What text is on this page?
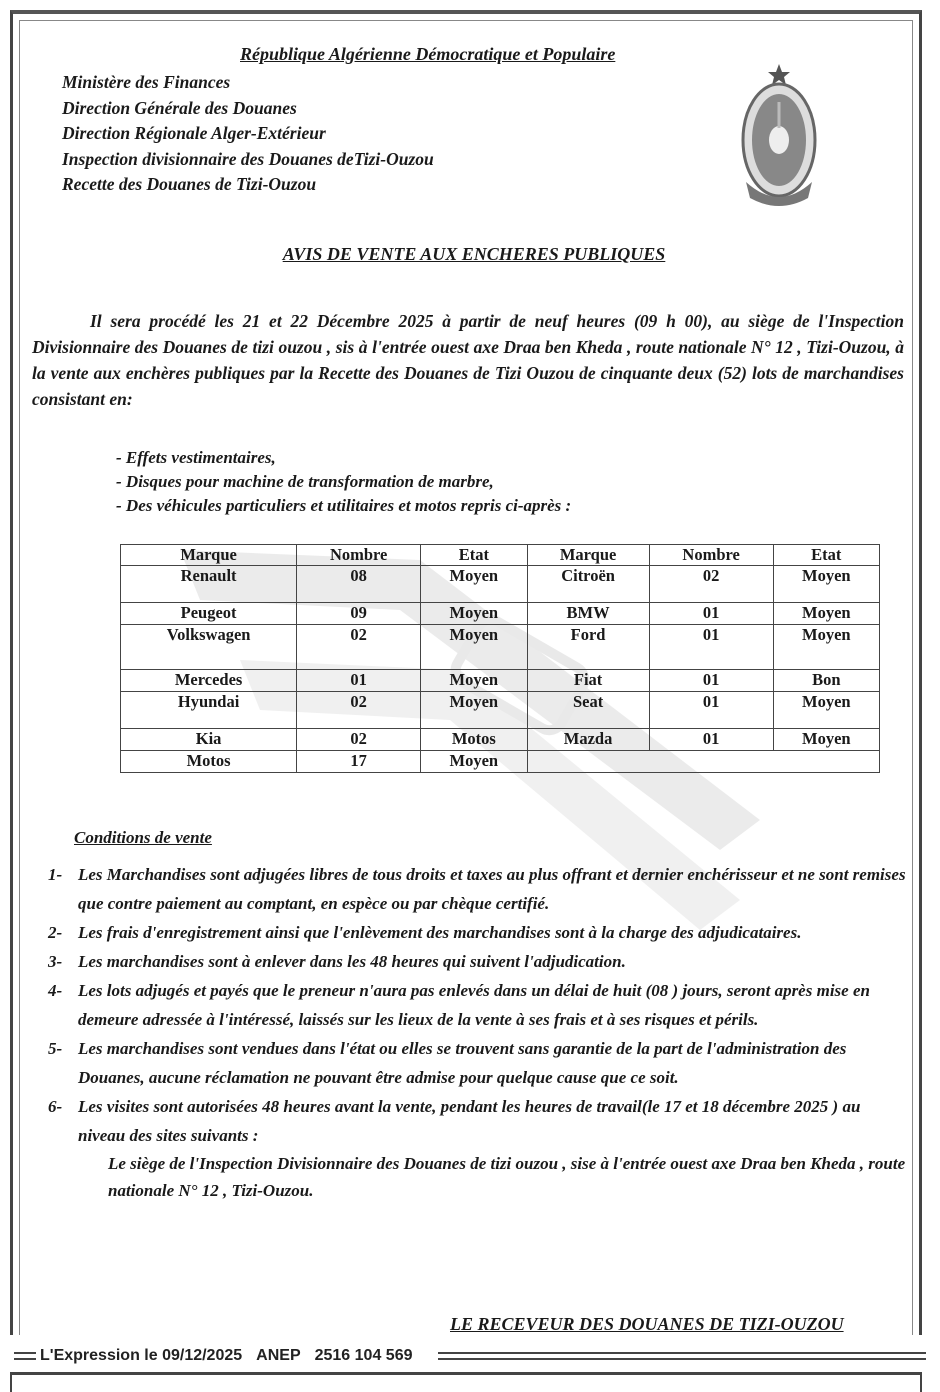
République Algérienne Démocratique et Populaire
Ministère des Finances
Direction Générale des Douanes
Direction Régionale Alger-Extérieur
Inspection divisionnaire des Douanes deTizi-Ouzou
Recette des Douanes de Tizi-Ouzou
AVIS DE VENTE AUX ENCHERES PUBLIQUES
Il sera procédé les 21 et 22 Décembre 2025 à partir de neuf heures (09 h 00), au siège de l'Inspection Divisionnaire des Douanes de tizi ouzou , sis à l'entrée ouest axe Draa ben Kheda , route nationale N° 12 , Tizi-Ouzou, à la vente aux enchères publiques par la Recette des Douanes de Tizi Ouzou de cinquante deux (52) lots de marchandises consistant en:
- Effets vestimentaires,
- Disques pour machine de transformation de marbre,
- Des véhicules particuliers et utilitaires et motos repris ci-après :
Marque	Nombre	Etat	Marque	Nombre	Etat
Renault	08	Moyen	Citroën	02	Moyen
Peugeot	09	Moyen	BMW	01	Moyen
Volkswagen	02	Moyen	Ford	01	Moyen
Mercedes	01	Moyen	Fiat	01	Bon
Hyundai	02	Moyen	Seat	01	Moyen
Kia	02	Motos	Mazda	01	Moyen
Motos	17	Moyen			
Conditions de vente
1- Les Marchandises sont adjugées libres de tous droits et taxes au plus offrant et dernier enchérisseur et ne sont remises que contre paiement au comptant, en espèce ou par chèque certifié.
2- Les frais d'enregistrement ainsi que l'enlèvement des marchandises sont à la charge des adjudicataires.
3- Les marchandises sont à enlever dans les 48 heures qui suivent l'adjudication.
4- Les lots adjugés et payés que le preneur n'aura pas enlevés dans un délai de huit (08 ) jours, seront après mise en demeure adressée à l'intéressé, laissés sur les lieux de la vente à ses frais et à ses risques et périls.
5- Les marchandises sont vendues dans l'état ou elles se trouvent sans garantie de la part de l'administration des Douanes, aucune réclamation ne pouvant être admise pour quelque cause que ce soit.
6- Les visites sont autorisées 48 heures avant la vente, pendant les heures de travail(le 17 et 18 décembre 2025 ) au niveau des sites suivants :
Le siège de l'Inspection Divisionnaire des Douanes de tizi ouzou , sise à l'entrée ouest axe Draa ben Kheda , route nationale N° 12 , Tizi-Ouzou.
LE RECEVEUR DES DOUANES DE TIZI-OUZOU
L'Expression le 09/12/2025 ANEP 2516 104 569
